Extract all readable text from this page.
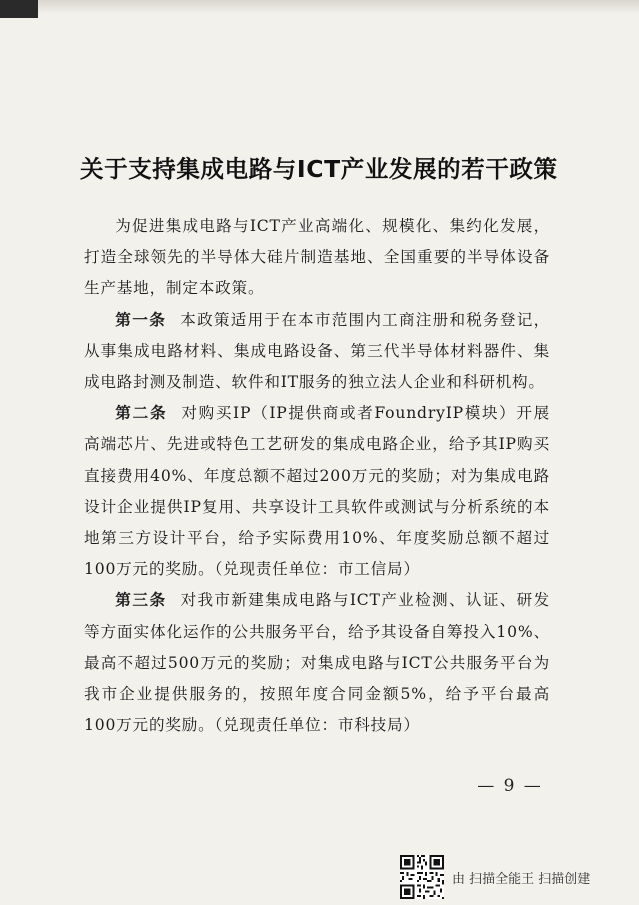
关于支持集成电路与ICT产业发展的若干政策

为促进集成电路与ICT产业高端化、规模化、集约化发展，打造全球领先的半导体大硅片制造基地、全国重要的半导体设备生产基地，制定本政策。

第一条 本政策适用于在本市范围内工商注册和税务登记，从事集成电路材料、集成电路设备、第三代半导体材料器件、集成电路封测及制造、软件和IT服务的独立法人企业和科研机构。

第二条 对购买IP（IP提供商或者FoundryIP模块）开展高端芯片、先进或特色工艺研发的集成电路企业，给予其IP购买直接费用40%、年度总额不超过200万元的奖励；对为集成电路设计企业提供IP复用、共享设计工具软件或测试与分析系统的本地第三方设计平台，给予实际费用10%、年度奖励总额不超过100万元的奖励。（兑现责任单位：市工信局）

第三条 对我市新建集成电路与ICT产业检测、认证、研发等方面实体化运作的公共服务平台，给予其设备自筹投入10%、最高不超过500万元的奖励；对集成电路与ICT公共服务平台为我市企业提供服务的，按照年度合同金额5%，给予平台最高100万元的奖励。（兑现责任单位：市科技局）

— 9 —
由 扫描全能王 扫描创建
